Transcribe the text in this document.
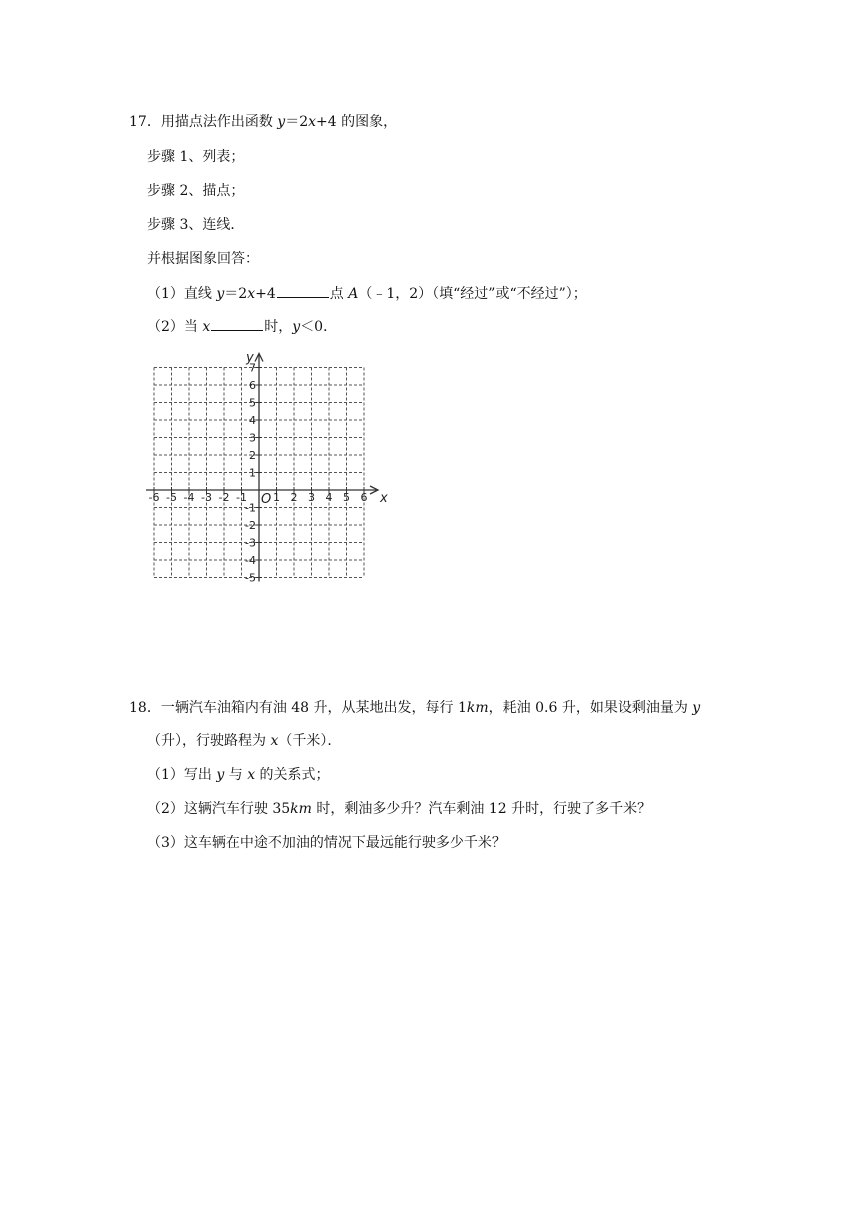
17．用描点法作出函数 y＝2x+4 的图象，
步骤 1、列表；
步骤 2、描点；
步骤 3、连线．
并根据图象回答：
（1）直线 y＝2x+4	点 A（﹣1，2）（填“经过”或“不经过”）；
（2）当 x	时，y＜0．
-6 -5 -4 -3 -2 -1 1 2 3 4 5 6
7
6
5
4
3
2
1
-1
-2
-3
-4
-5
x
y
O
18．一辆汽车油箱内有油 48 升，从某地出发，每行 1km，耗油 0.6 升，如果设剩油量为 y
（升），行驶路程为 x（千米）．
（1）写出 y 与 x 的关系式；
（2）这辆汽车行驶 35km 时，剩油多少升？汽车剩油 12 升时，行驶了多千米？
（3）这车辆在中途不加油的情况下最远能行驶多少千米？
